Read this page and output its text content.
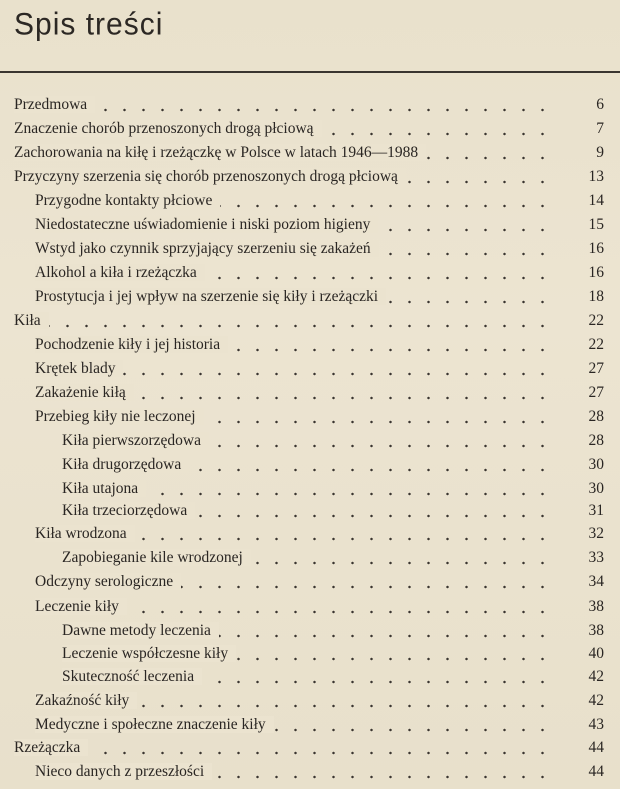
Spis treści
Przedmowa	6
Znaczenie chorób przenoszonych drogą płciową	7
Zachorowania na kiłę i rzeżączkę w Polsce w latach 1946—1988	9
Przyczyny szerzenia się chorób przenoszonych drogą płciową	13
Przygodne kontakty płciowe	14
Niedostateczne uświadomienie i niski poziom higieny	15
Wstyd jako czynnik sprzyjający szerzeniu się zakażeń	16
Alkohol a kiła i rzeżączka	16
Prostytucja i jej wpływ na szerzenie się kiły i rzeżączki	18
Kiła	22
Pochodzenie kiły i jej historia	22
Krętek blady	27
Zakażenie kiłą	27
Przebieg kiły nie leczonej	28
Kiła pierwszorzędowa	28
Kiła drugorzędowa	30
Kiła utajona	30
Kiła trzeciorzędowa	31
Kiła wrodzona	32
Zapobieganie kile wrodzonej	33
Odczyny serologiczne	34
Leczenie kiły	38
Dawne metody leczenia	38
Leczenie współczesne kiły	40
Skuteczność leczenia	42
Zakaźność kiły	42
Medyczne i społeczne znaczenie kiły	43
Rzeżączka	44
Nieco danych z przeszłości	44
